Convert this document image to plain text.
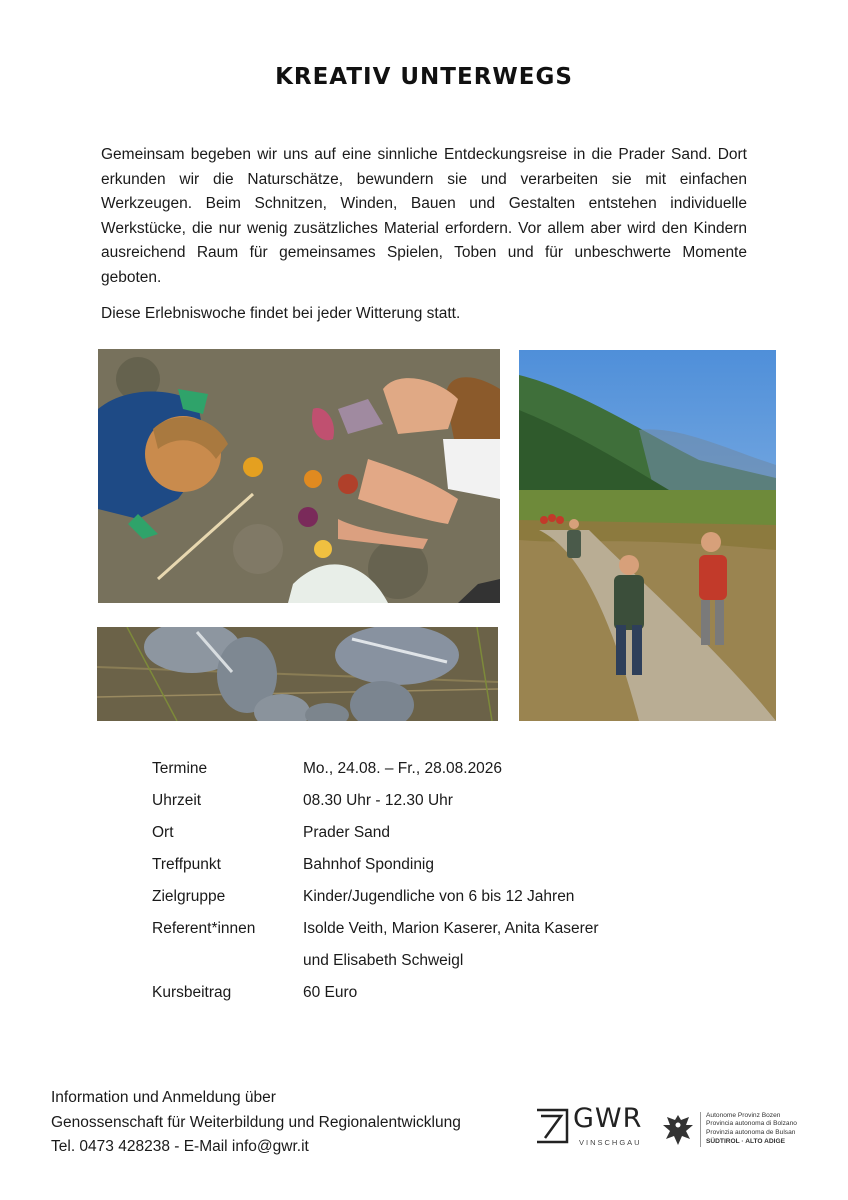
KREATIV UNTERWEGS

Gemeinsam begeben wir uns auf eine sinnliche Entdeckungsreise in die Prader Sand. Dort erkunden wir die Naturschätze, bewundern sie und verarbeiten sie mit einfachen Werkzeugen. Beim Schnitzen, Winden, Bauen und Gestalten entstehen individuelle Werkstücke, die nur wenig zusätzliches Material erfordern. Vor allem aber wird den Kindern ausreichend Raum für gemeinsames Spielen, Toben und für unbeschwerte Momente geboten.

Diese Erlebniswoche findet bei jeder Witterung statt.

Termine	Mo., 24.08. – Fr., 28.08.2026
Uhrzeit	08.30 Uhr - 12.30 Uhr
Ort	Prader Sand
Treffpunkt	Bahnhof Spondinig
Zielgruppe	Kinder/Jugendliche von 6 bis 12 Jahren
Referent*innen	Isolde Veith, Marion Kaserer, Anita Kaserer
und Elisabeth Schweigl
Kursbeitrag	60 Euro
Information und Anmeldung über
Genossenschaft für Weiterbildung und Regionalentwicklung
Tel. 0473 428238 - E-Mail info@gwr.it
GWR
VINSCHGAU
Autonome Provinz Bozen
Provincia autonoma di Bolzano
Provinzia autonoma de Bulsan
SÜDTIROL · ALTO ADIGE
